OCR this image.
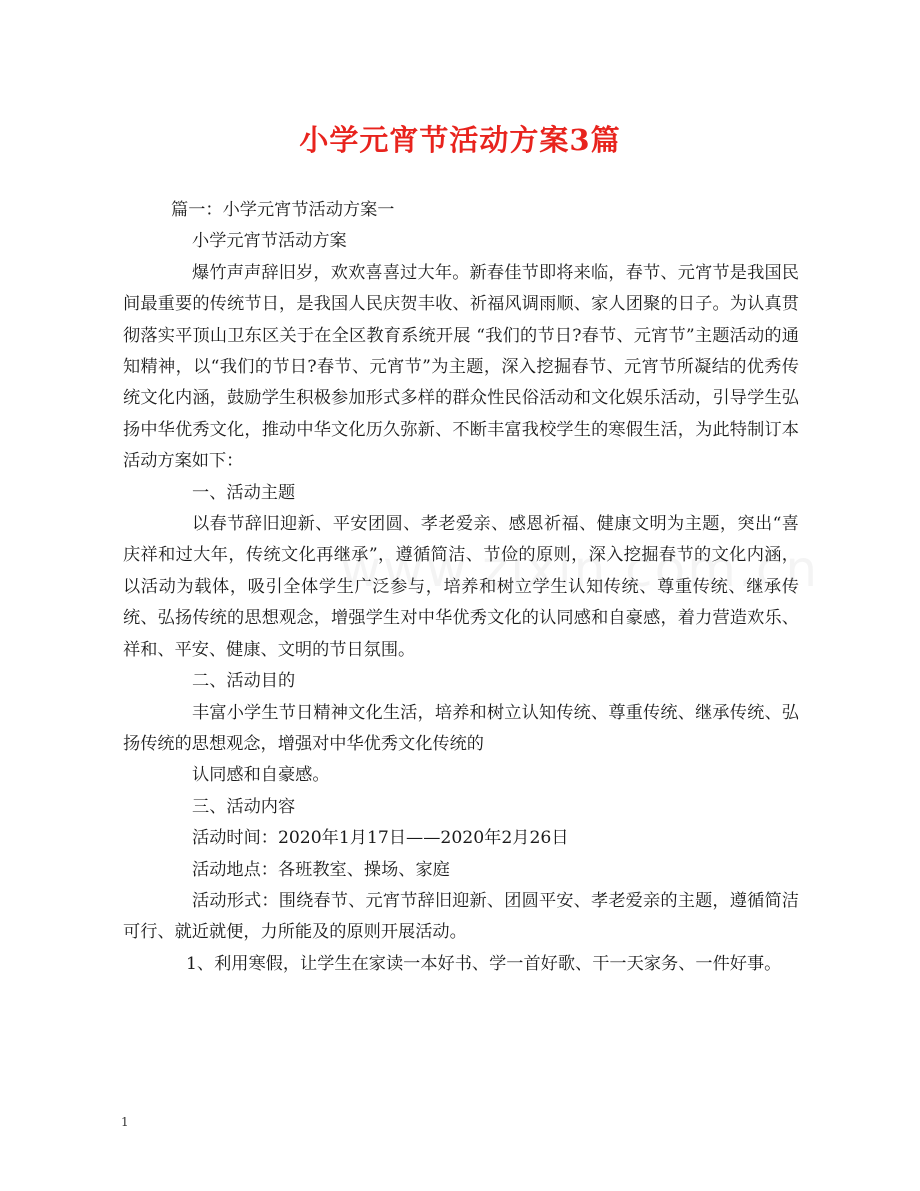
小学元宵节活动方案3篇

篇一：小学元宵节活动方案一

小学元宵节活动方案

爆竹声声辞旧岁，欢欢喜喜过大年。新春佳节即将来临，春节、元宵节是我国民间最重要的传统节日，是我国人民庆贺丰收、祈福风调雨顺、家人团聚的日子。为认真贯彻落实平顶山卫东区关于在全区教育系统开展 “我们的节日?春节、元宵节”主题活动的通知精神，以“我们的节日?春节、元宵节”为主题，深入挖掘春节、元宵节所凝结的优秀传统文化内涵，鼓励学生积极参加形式多样的群众性民俗活动和文化娱乐活动，引导学生弘扬中华优秀文化，推动中华文化历久弥新、不断丰富我校学生的寒假生活，为此特制订本活动方案如下：

一、活动主题

以春节辞旧迎新、平安团圆、孝老爱亲、感恩祈福、健康文明为主题，突出“喜庆祥和过大年，传统文化再继承”，遵循简洁、节俭的原则，深入挖掘春节的文化内涵，以活动为载体，吸引全体学生广泛参与，培养和树立学生认知传统、尊重传统、继承传统、弘扬传统的思想观念，增强学生对中华优秀文化的认同感和自豪感，着力营造欢乐、祥和、平安、健康、文明的节日氛围。

二、活动目的

丰富小学生节日精神文化生活，培养和树立认知传统、尊重传统、继承传统、弘扬传统的思想观念，增强对中华优秀文化传统的

认同感和自豪感。

三、活动内容

活动时间：2020年1月17日——2020年2月26日

活动地点：各班教室、操场、家庭

活动形式：围绕春节、元宵节辞旧迎新、团圆平安、孝老爱亲的主题，遵循简洁可行、就近就便，力所能及的原则开展活动。

1、利用寒假，让学生在家读一本好书、学一首好歌、干一天家务、一件好事。

1
